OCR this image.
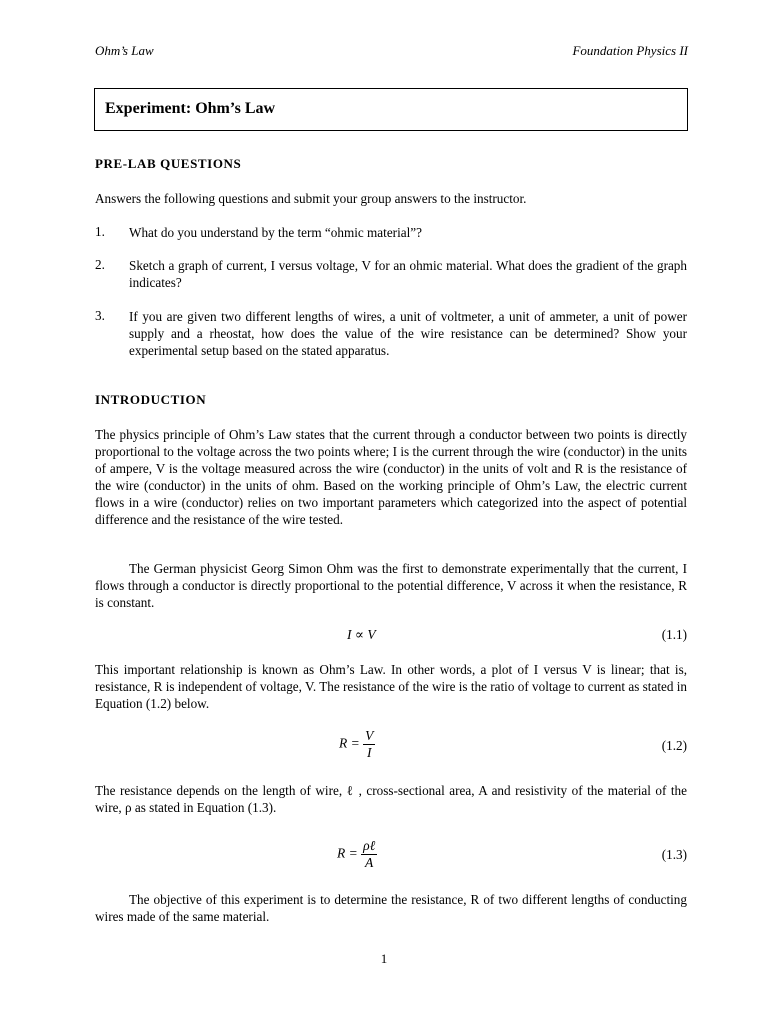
Ohm’s Law	Foundation Physics II
Experiment: Ohm’s Law
PRE-LAB QUESTIONS
Answers the following questions and submit your group answers to the instructor.
1. What do you understand by the term “ohmic material”?
2. Sketch a graph of current, I versus voltage, V for an ohmic material. What does the gradient of the graph indicates?
3. If you are given two different lengths of wires, a unit of voltmeter, a unit of ammeter, a unit of power supply and a rheostat, how does the value of the wire resistance can be determined? Show your experimental setup based on the stated apparatus.
INTRODUCTION
The physics principle of Ohm’s Law states that the current through a conductor between two points is directly proportional to the voltage across the two points where; I is the current through the wire (conductor) in the units of ampere, V is the voltage measured across the wire (conductor) in the units of volt and R is the resistance of the wire (conductor) in the units of ohm. Based on the working principle of Ohm’s Law, the electric current flows in a wire (conductor) relies on two important parameters which categorized into the aspect of potential difference and the resistance of the wire tested.
The German physicist Georg Simon Ohm was the first to demonstrate experimentally that the current, I flows through a conductor is directly proportional to the potential difference, V across it when the resistance, R is constant.
I ∝ V	(1.1)
This important relationship is known as Ohm’s Law. In other words, a plot of I versus V is linear; that is, resistance, R is independent of voltage, V. The resistance of the wire is the ratio of voltage to current as stated in Equation (1.2) below.
$R = \frac{V}{I}$	(1.2)
The resistance depends on the length of wire, ℓ , cross-sectional area, A and resistivity of the material of the wire, ρ as stated in Equation (1.3).
$R = \frac{\text{ρℓ}}{A}$	(1.3)
The objective of this experiment is to determine the resistance, R of two different lengths of conducting wires made of the same material.
1
